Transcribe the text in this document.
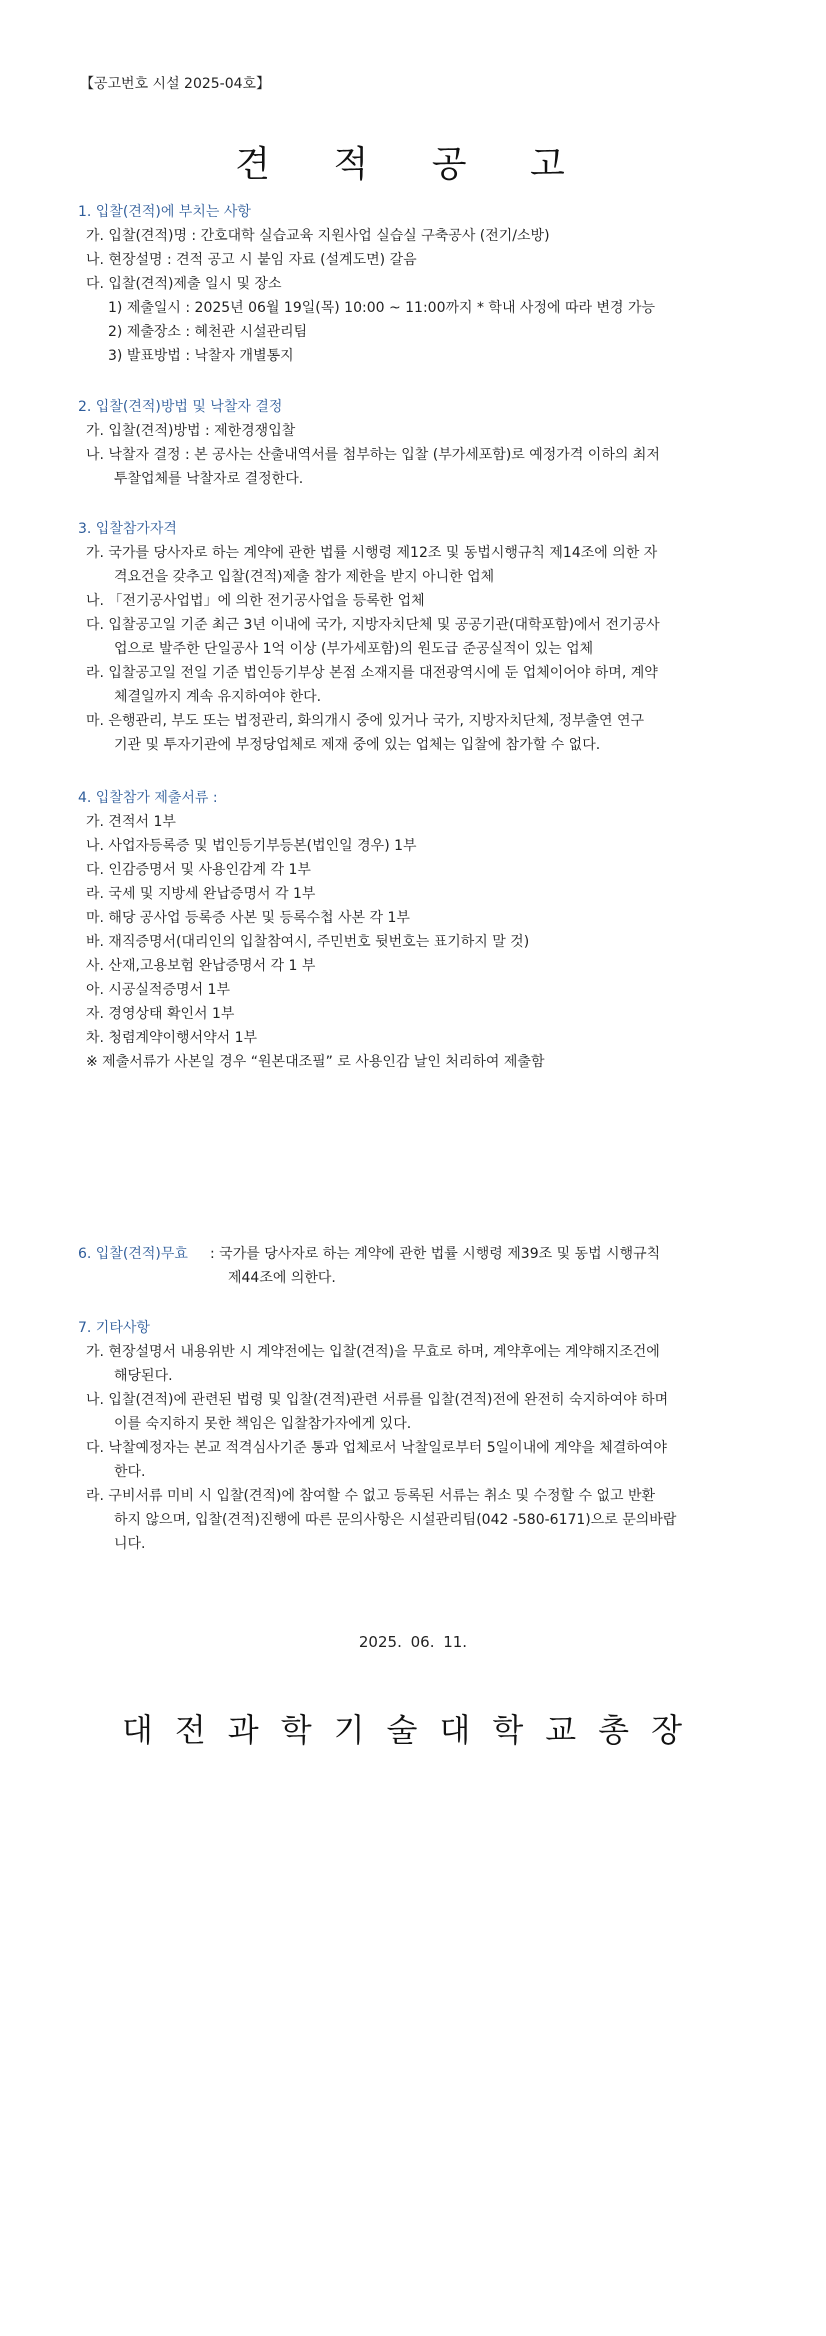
【공고번호 시설 2025-04호】
견 적 공 고
1. 입찰(견적)에 부치는 사항
가. 입찰(견적)명 : 간호대학 실습교육 지원사업 실습실 구축공사 (전기/소방)
나. 현장설명 : 견적 공고 시 붙임 자료 (설계도면) 갈음
다. 입찰(견적)제출 일시 및 장소
1) 제출일시 : 2025년 06월 19일(목) 10:00 ~ 11:00까지 * 학내 사정에 따라 변경 가능
2) 제출장소 : 혜천관 시설관리팀
3) 발표방법 : 낙찰자 개별통지
2. 입찰(견적)방법 및 낙찰자 결정
가. 입찰(견적)방법 : 제한경쟁입찰
나. 낙찰자 결정 : 본 공사는 산출내역서를 첨부하는 입찰 (부가세포함)로 예정가격 이하의 최저
투찰업체를 낙찰자로 결정한다.
3. 입찰참가자격
가. 국가를 당사자로 하는 계약에 관한 법률 시행령 제12조 및 동법시행규칙 제14조에 의한 자
격요건을 갖추고 입찰(견적)제출 참가 제한을 받지 아니한 업체
나. 「전기공사업법」에 의한 전기공사업을 등록한 업체
다. 입찰공고일 기준 최근 3년 이내에 국가, 지방자치단체 및 공공기관(대학포함)에서 전기공사
업으로 발주한 단일공사 1억 이상 (부가세포함)의 원도급 준공실적이 있는 업체
라. 입찰공고일 전일 기준 법인등기부상 본점 소재지를 대전광역시에 둔 업체이어야 하며, 계약
체결일까지 계속 유지하여야 한다.
마. 은행관리, 부도 또는 법정관리, 화의개시 중에 있거나 국가, 지방자치단체, 정부출연 연구
기관 및 투자기관에 부정당업체로 제재 중에 있는 업체는 입찰에 참가할 수 없다.
4. 입찰참가 제출서류 :
가. 견적서 1부
나. 사업자등록증 및 법인등기부등본(법인일 경우) 1부
다. 인감증명서 및 사용인감계 각 1부
라. 국세 및 지방세 완납증명서 각 1부
마. 해당 공사업 등록증 사본 및 등록수첩 사본 각 1부
바. 재직증명서(대리인의 입찰참여시, 주민번호 뒷번호는 표기하지 말 것)
사. 산재,고용보험 완납증명서 각 1 부
아. 시공실적증명서 1부
자. 경영상태 확인서 1부
차. 청렴계약이행서약서 1부
※ 제출서류가 사본일 경우 “원본대조필” 로 사용인감 날인 처리하여 제출함
6. 입찰(견적)무효 : 국가를 당사자로 하는 계약에 관한 법률 시행령 제39조 및 동법 시행규칙
제44조에 의한다.
7. 기타사항
가. 현장설명서 내용위반 시 계약전에는 입찰(견적)을 무효로 하며, 계약후에는 계약해지조건에
해당된다.
나. 입찰(견적)에 관련된 법령 및 입찰(견적)관련 서류를 입찰(견적)전에 완전히 숙지하여야 하며
이를 숙지하지 못한 책임은 입찰참가자에게 있다.
다. 낙찰예정자는 본교 적격심사기준 통과 업체로서 낙찰일로부터 5일이내에 계약을 체결하여야
한다.
라. 구비서류 미비 시 입찰(견적)에 참여할 수 없고 등록된 서류는 취소 및 수정할 수 없고 반환
하지 않으며, 입찰(견적)진행에 따른 문의사항은 시설관리팀(042 -580-6171)으로 문의바랍
니다.
2025. 06. 11.
대전과학기술대학교총장
